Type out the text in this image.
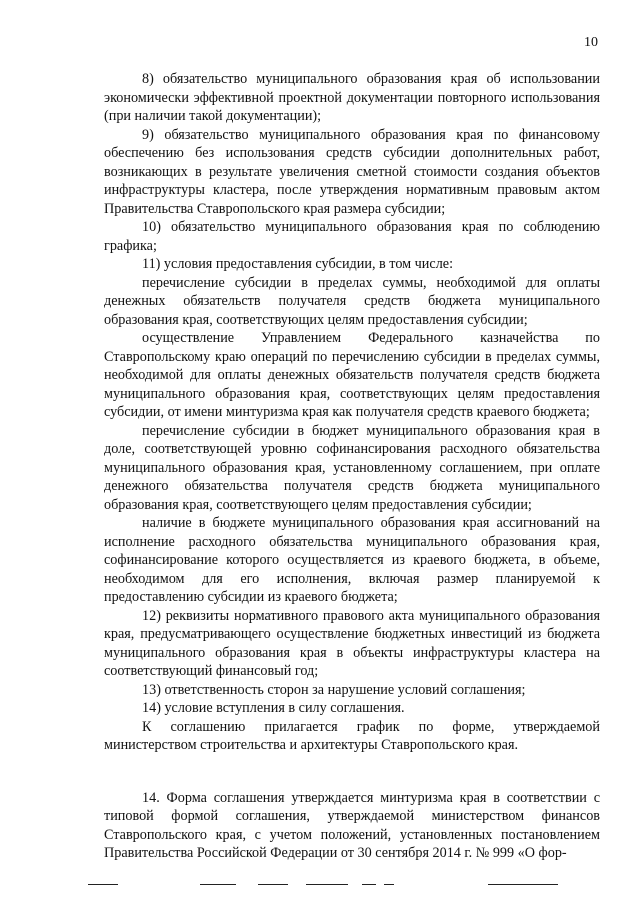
10

8) обязательство муниципального образования края об использовании экономически эффективной проектной документации повторного использования (при наличии такой документации);

9) обязательство муниципального образования края по финансовому обеспечению без использования средств субсидии дополнительных работ, возникающих в результате увеличения сметной стоимости создания объектов инфраструктуры кластера, после утверждения нормативным правовым актом Правительства Ставропольского края размера субсидии;

10) обязательство муниципального образования края по соблюдению графика;

11) условия предоставления субсидии, в том числе:

перечисление субсидии в пределах суммы, необходимой для оплаты денежных обязательств получателя средств бюджета муниципального образования края, соответствующих целям предоставления субсидии;

осуществление Управлением Федерального казначейства по Ставропольскому краю операций по перечислению субсидии в пределах суммы, необходимой для оплаты денежных обязательств получателя средств бюджета муниципального образования края, соответствующих целям предоставления субсидии, от имени минтуризма края как получателя средств краевого бюджета;

перечисление субсидии в бюджет муниципального образования края в доле, соответствующей уровню софинансирования расходного обязательства муниципального образования края, установленному соглашением, при оплате денежного обязательства получателя средств бюджета муниципального образования края, соответствующего целям предоставления субсидии;

наличие в бюджете муниципального образования края ассигнований на исполнение расходного обязательства муниципального образования края, софинансирование которого осуществляется из краевого бюджета, в объеме, необходимом для его исполнения, включая размер планируемой к предоставлению субсидии из краевого бюджета;

12) реквизиты нормативного правового акта муниципального образования края, предусматривающего осуществление бюджетных инвестиций из бюджета муниципального образования края в объекты инфраструктуры кластера на соответствующий финансовый год;

13) ответственность сторон за нарушение условий соглашения;

14) условие вступления в силу соглашения.

К соглашению прилагается график по форме, утверждаемой министерством строительства и архитектуры Ставропольского края.

14. Форма соглашения утверждается минтуризма края в соответствии с типовой формой соглашения, утверждаемой министерством финансов Ставропольского края, с учетом положений, установленных постановлением Правительства Российской Федерации от 30 сентября 2014 г. № 999 «О фор-
